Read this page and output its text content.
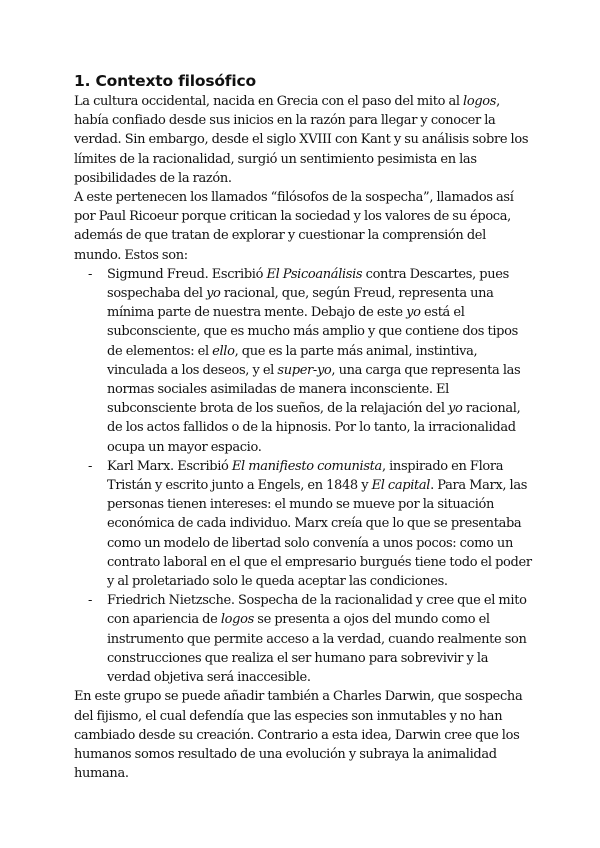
1. Contexto filosófico

La cultura occidental, nacida en Grecia con el paso del mito al logos, había confiado desde sus inicios en la razón para llegar y conocer la verdad. Sin embargo, desde el siglo XVIII con Kant y su análisis sobre los límites de la racionalidad, surgió un sentimiento pesimista en las posibilidades de la razón.

A este pertenecen los llamados “filósofos de la sospecha”, llamados así por Paul Ricoeur porque critican la sociedad y los valores de su época, además de que tratan de explorar y cuestionar la comprensión del mundo. Estos son:

- Sigmund Freud. Escribió El Psicoanálisis contra Descartes, pues sospechaba del yo racional, que, según Freud, representa una mínima parte de nuestra mente. Debajo de este yo está el subconsciente, que es mucho más amplio y que contiene dos tipos de elementos: el ello, que es la parte más animal, instintiva, vinculada a los deseos, y el super-yo, una carga que representa las normas sociales asimiladas de manera inconsciente. El subconsciente brota de los sueños, de la relajación del yo racional, de los actos fallidos o de la hipnosis. Por lo tanto, la irracionalidad ocupa un mayor espacio.
- Karl Marx. Escribió El manifiesto comunista, inspirado en Flora Tristán y escrito junto a Engels, en 1848 y El capital. Para Marx, las personas tienen intereses: el mundo se mueve por la situación económica de cada individuo. Marx creía que lo que se presentaba como un modelo de libertad solo convenía a unos pocos: como un contrato laboral en el que el empresario burgués tiene todo el poder y al proletariado solo le queda aceptar las condiciones.
- Friedrich Nietzsche. Sospecha de la racionalidad y cree que el mito con apariencia de logos se presenta a ojos del mundo como el instrumento que permite acceso a la verdad, cuando realmente son construcciones que realiza el ser humano para sobrevivir y la verdad objetiva será inaccesible.

En este grupo se puede añadir también a Charles Darwin, que sospecha del fijismo, el cual defendía que las especies son inmutables y no han cambiado desde su creación. Contrario a esta idea, Darwin cree que los humanos somos resultado de una evolución y subraya la animalidad humana.
